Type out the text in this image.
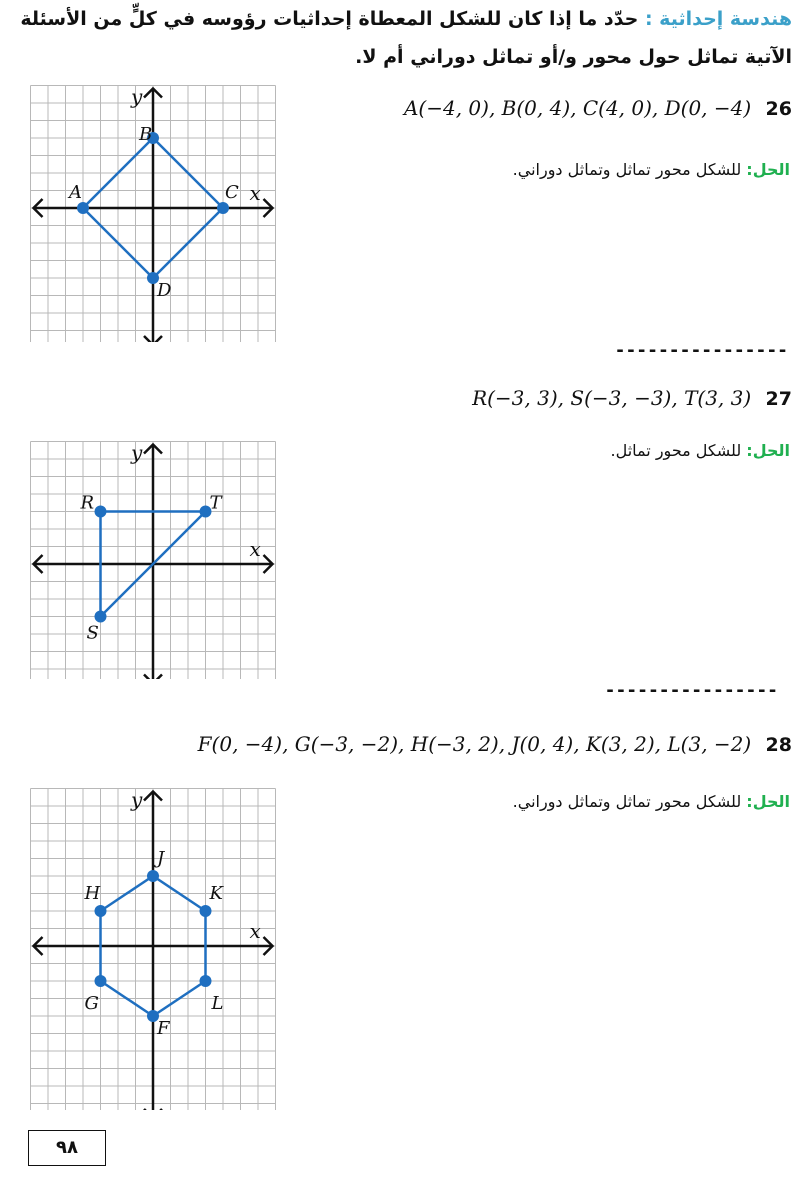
هندسة إحداثية : حدّد ما إذا كان للشكل المعطاة إحداثيات رؤوسه في كلٍّ من الأسئلة الآتية تماثل حول محور و/أو تماثل دوراني أم لا.
A(−4, 0), B(0, 4), C(4, 0), D(0, −4) 26
الحل: للشكل محور تماثل وتماثل دوراني.
x
y
A
B
C
D
----------------
R(−3, 3), S(−3, −3), T(3, 3) 27
الحل: للشكل محور تماثل.
x
y
R
S
T
----------------
F(0, −4), G(−3, −2), H(−3, 2), J(0, 4), K(3, 2), L(3, −2) 28
الحل: للشكل محور تماثل وتماثل دوراني.
x
y
F
G
H
J
K
L
٩٨
